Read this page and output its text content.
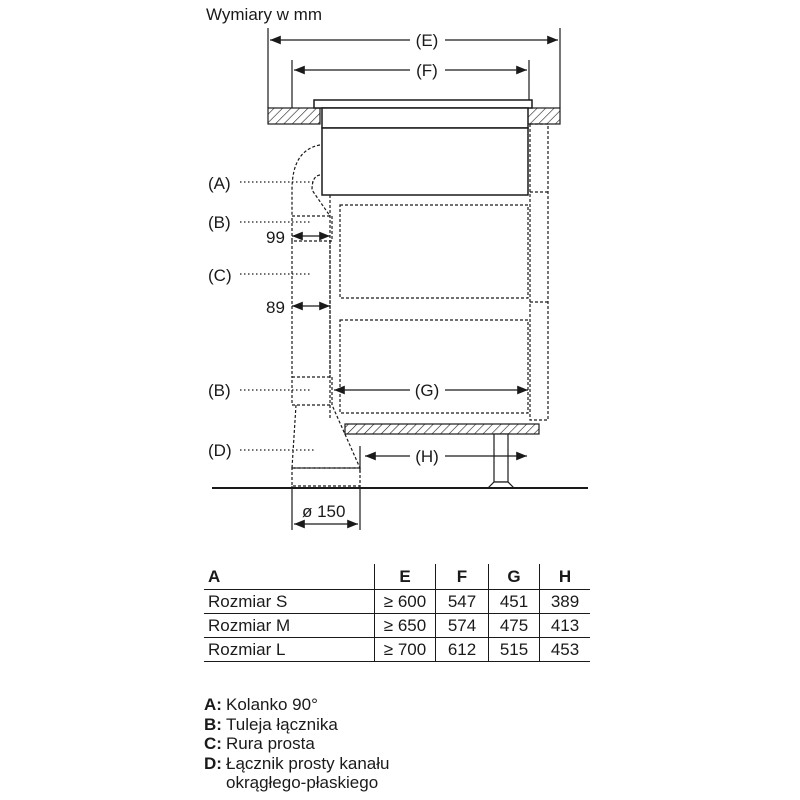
Wymiary w mm
(E)
(F)
(G)
(H)
99
89
ø 150
(A)
(B)
(C)
(B)
(D)
A	E	F	G	H
Rozmiar S	≥ 600	547	451	389
Rozmiar M	≥ 650	574	475	413
Rozmiar L	≥ 700	612	515	453
A: Kolanko 90°
B: Tuleja łącznika
C: Rura prosta
D: Łącznik prosty kanału
okrągłego-płaskiego
